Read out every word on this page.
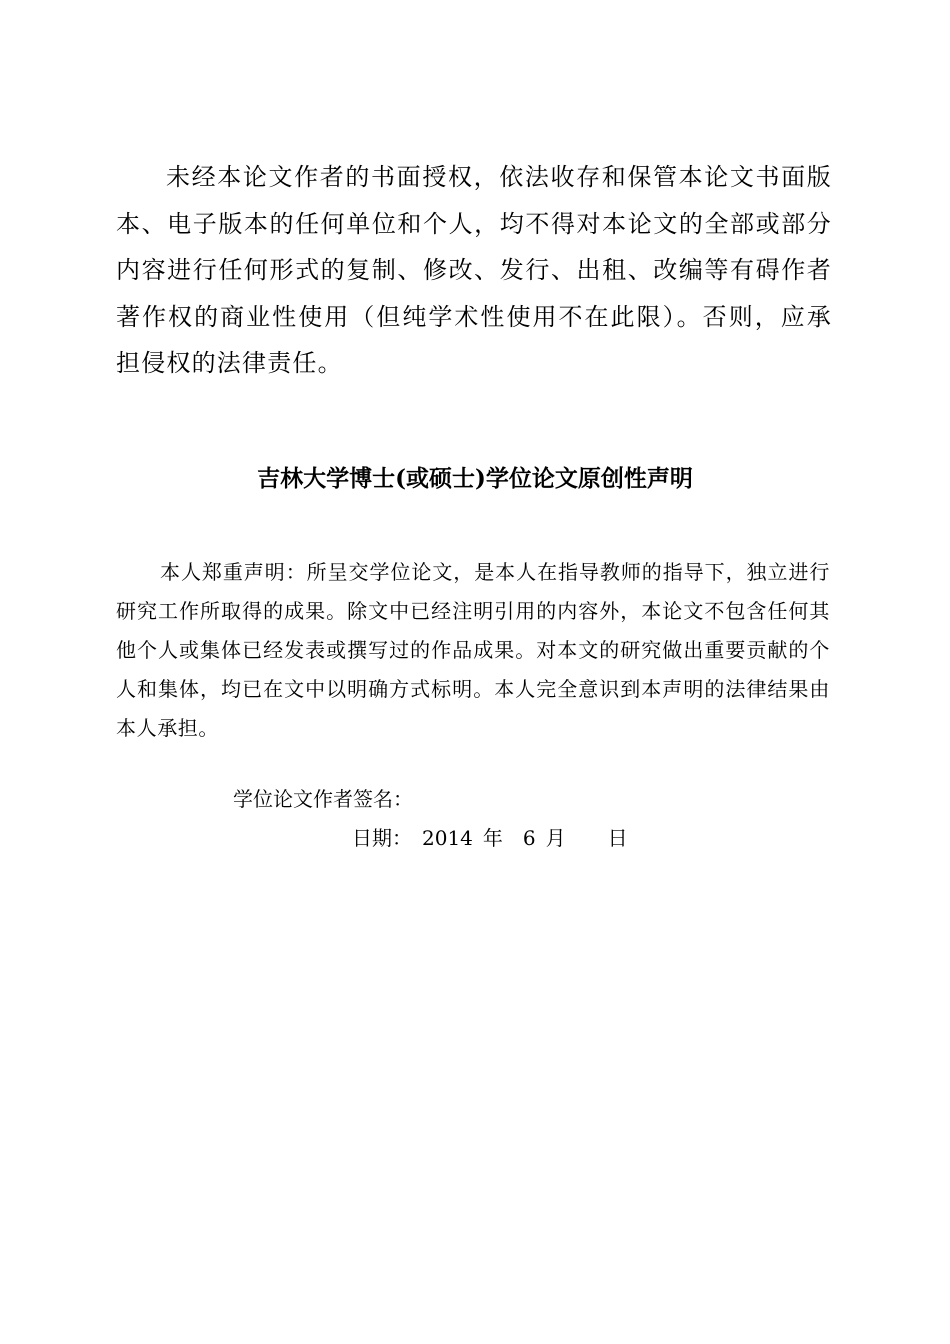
未经本论文作者的书面授权，依法收存和保管本论文书面版本、电子版本的任何单位和个人，均不得对本论文的全部或部分内容进行任何形式的复制、修改、发行、出租、改编等有碍作者著作权的商业性使用（但纯学术性使用不在此限）。否则，应承担侵权的法律责任。

吉林大学博士(或硕士)学位论文原创性声明

本人郑重声明：所呈交学位论文，是本人在指导教师的指导下，独立进行研究工作所取得的成果。除文中已经注明引用的内容外，本论文不包含任何其他个人或集体已经发表或撰写过的作品成果。对本文的研究做出重要贡献的个人和集体，均已在文中以明确方式标明。本人完全意识到本声明的法律结果由本人承担。

学位论文作者签名：
日期： 2014 年 6 月 日
